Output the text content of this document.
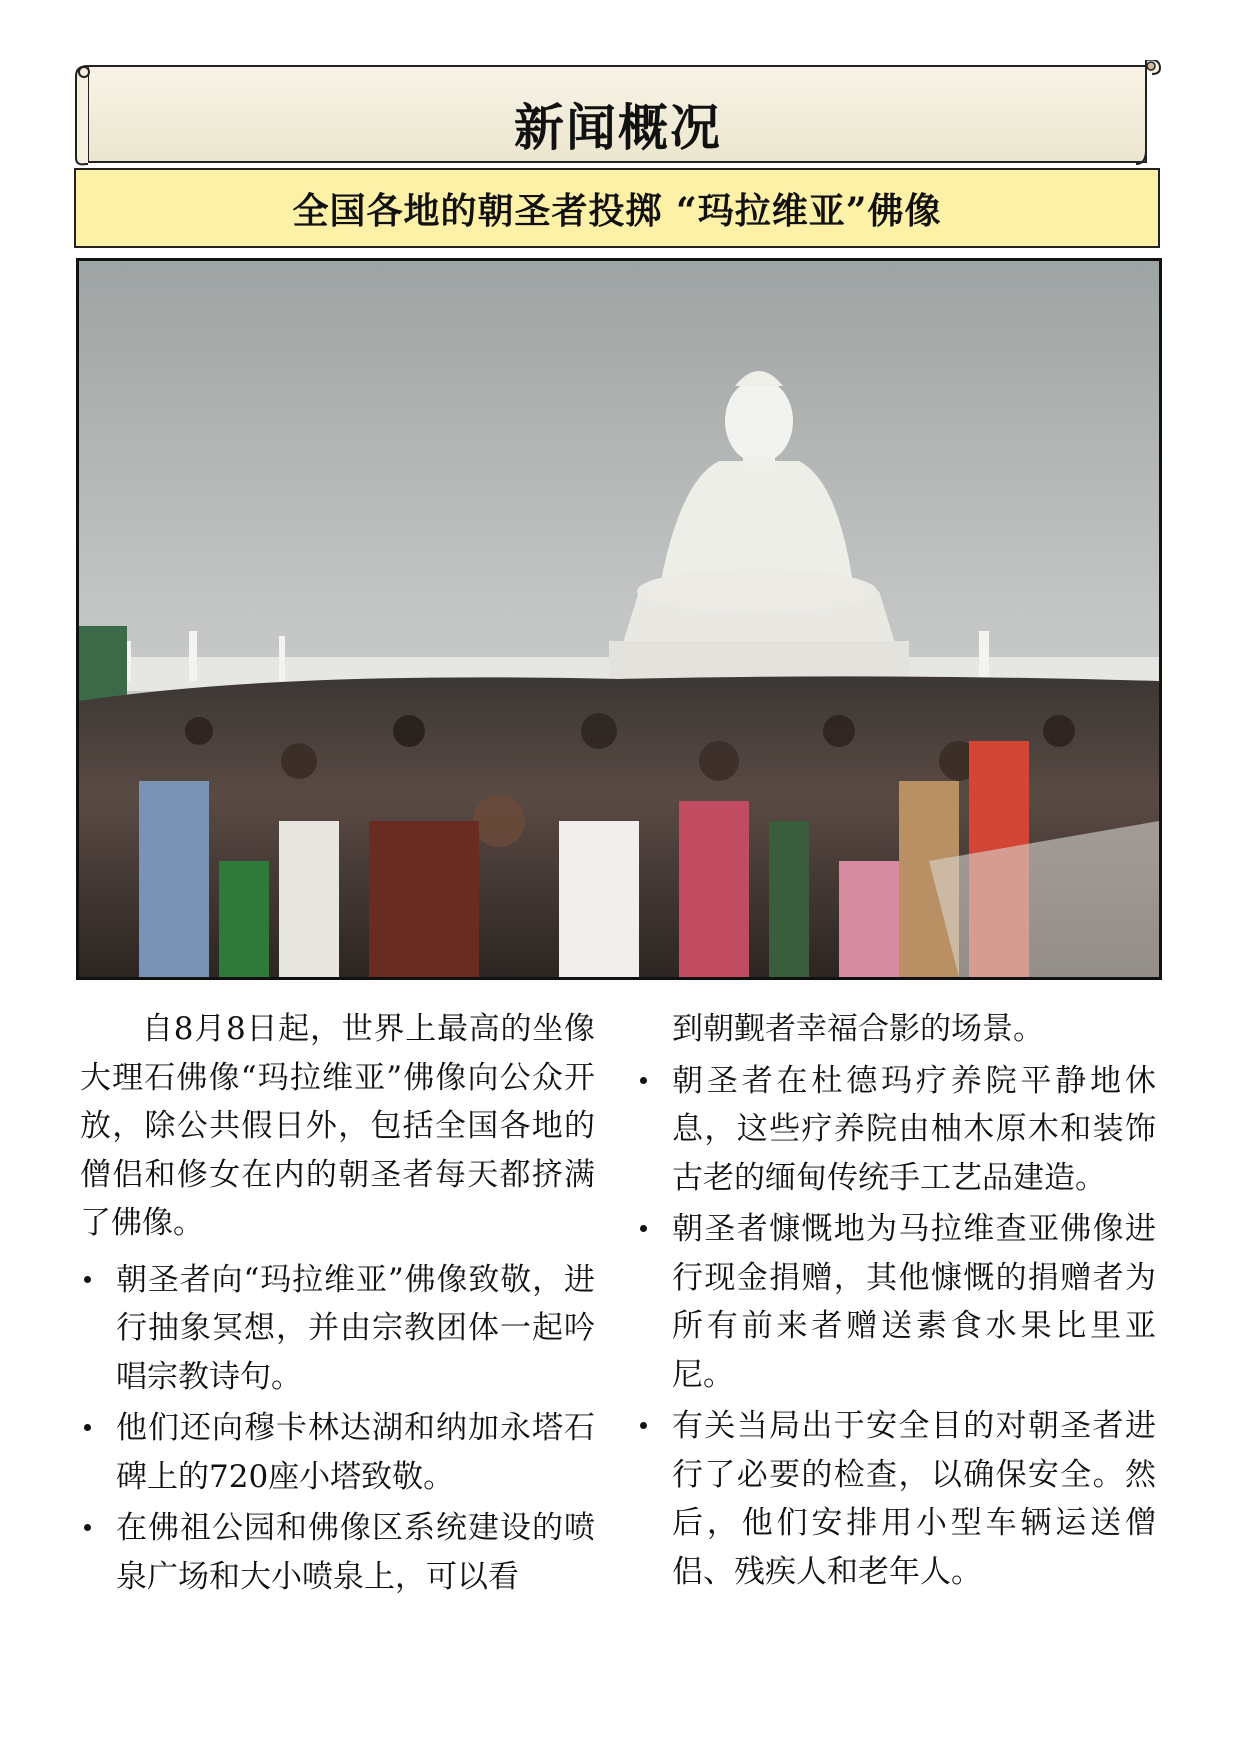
新闻概况
全国各地的朝圣者投掷 “玛拉维亚”佛像

自8月8日起，世界上最高的坐像大理石佛像“玛拉维亚”佛像向公众开放，除公共假日外，包括全国各地的僧侣和修女在内的朝圣者每天都挤满了佛像。

朝圣者向“玛拉维亚”佛像致敬，进行抽象冥想，并由宗教团体一起吟唱宗教诗句。
他们还向穆卡林达湖和纳加永塔石碑上的720座小塔致敬。
在佛祖公园和佛像区系统建设的喷泉广场和大小喷泉上，可以看

到朝觐者幸福合影的场景。

朝圣者在杜德玛疗养院平静地休息，这些疗养院由柚木原木和装饰古老的缅甸传统手工艺品建造。
朝圣者慷慨地为马拉维查亚佛像进行现金捐赠，其他慷慨的捐赠者为所有前来者赠送素食水果比里亚尼。
有关当局出于安全目的对朝圣者进行了必要的检查，以确保安全。然后，他们安排用小型车辆运送僧侣、残疾人和老年人。
